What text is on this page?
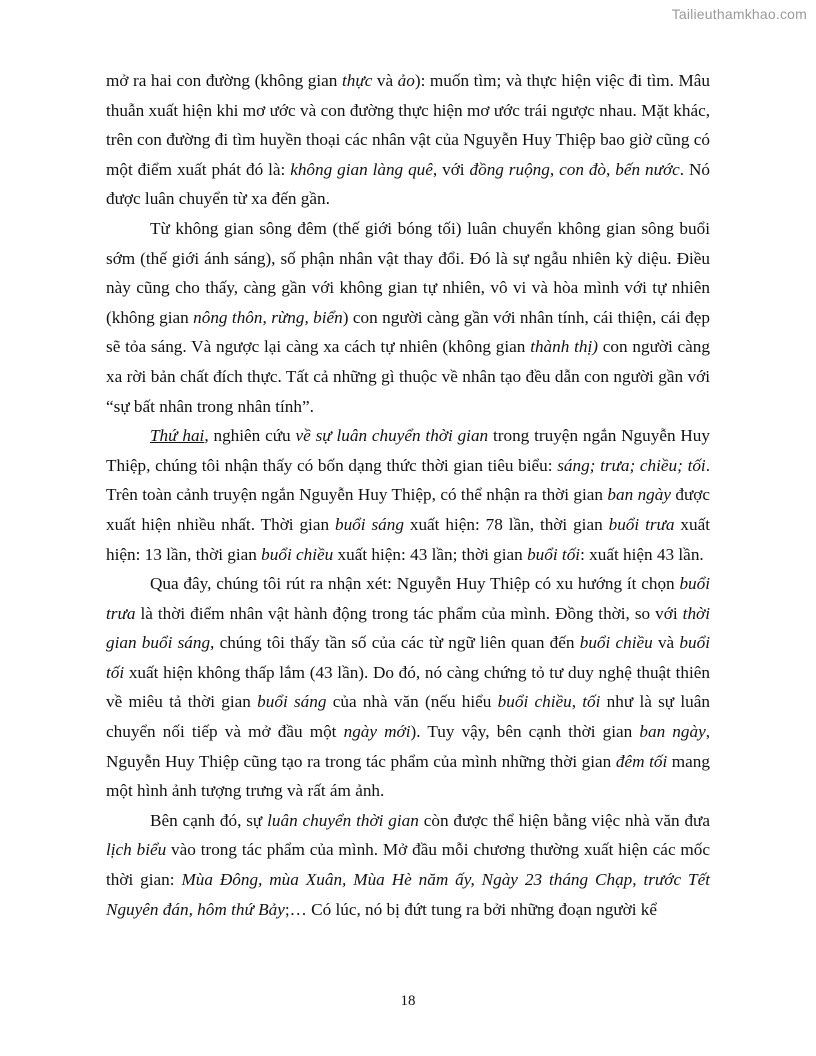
Tailieuthamkhao.com

mở ra hai con đường (không gian thực và ảo): muốn tìm; và thực hiện việc đi tìm. Mâu thuẫn xuất hiện khi mơ ước và con đường thực hiện mơ ước trái ngược nhau. Mặt khác, trên con đường đi tìm huyền thoại các nhân vật của Nguyễn Huy Thiệp bao giờ cũng có một điểm xuất phát đó là: không gian làng quê, với đồng ruộng, con đò, bến nước. Nó được luân chuyển từ xa đến gần.

Từ không gian sông đêm (thế giới bóng tối) luân chuyển không gian sông buổi sớm (thế giới ánh sáng), số phận nhân vật thay đổi. Đó là sự ngẫu nhiên kỳ diệu. Điều này cũng cho thấy, càng gần với không gian tự nhiên, vô vi và hòa mình với tự nhiên (không gian nông thôn, rừng, biển) con người càng gần với nhân tính, cái thiện, cái đẹp sẽ tỏa sáng. Và ngược lại càng xa cách tự nhiên (không gian thành thị) con người càng xa rời bản chất đích thực. Tất cả những gì thuộc về nhân tạo đều dẫn con người gần với “sự bất nhân trong nhân tính”.

Thứ hai, nghiên cứu về sự luân chuyển thời gian trong truyện ngắn Nguyễn Huy Thiệp, chúng tôi nhận thấy có bốn dạng thức thời gian tiêu biểu: sáng; trưa; chiều; tối. Trên toàn cảnh truyện ngắn Nguyễn Huy Thiệp, có thể nhận ra thời gian ban ngày được xuất hiện nhiều nhất. Thời gian buổi sáng xuất hiện: 78 lần, thời gian buổi trưa xuất hiện: 13 lần, thời gian buổi chiều xuất hiện: 43 lần; thời gian buổi tối: xuất hiện 43 lần.

Qua đây, chúng tôi rút ra nhận xét: Nguyễn Huy Thiệp có xu hướng ít chọn buổi trưa là thời điểm nhân vật hành động trong tác phẩm của mình. Đồng thời, so với thời gian buổi sáng, chúng tôi thấy tần số của các từ ngữ liên quan đến buổi chiều và buổi tối xuất hiện không thấp lắm (43 lần). Do đó, nó càng chứng tỏ tư duy nghệ thuật thiên về miêu tả thời gian buổi sáng của nhà văn (nếu hiểu buổi chiều, tối như là sự luân chuyển nối tiếp và mở đầu một ngày mới). Tuy vậy, bên cạnh thời gian ban ngày, Nguyễn Huy Thiệp cũng tạo ra trong tác phẩm của mình những thời gian đêm tối mang một hình ảnh tượng trưng và rất ám ảnh.

Bên cạnh đó, sự luân chuyển thời gian còn được thể hiện bằng việc nhà văn đưa lịch biểu vào trong tác phẩm của mình. Mở đầu mỗi chương thường xuất hiện các mốc thời gian: Mùa Đông, mùa Xuân, Mùa Hè năm ấy, Ngày 23 tháng Chạp, trước Tết Nguyên đán, hôm thứ Bảy;… Có lúc, nó bị đứt tung ra bởi những đoạn người kể

18
